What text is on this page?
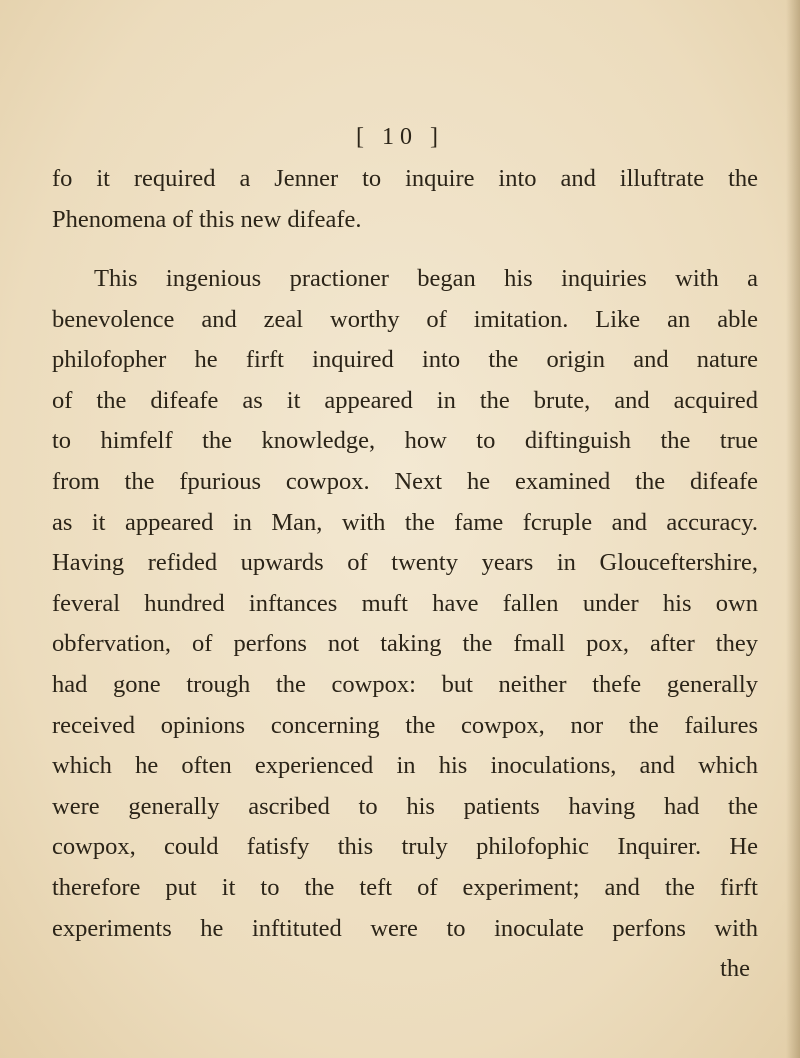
[ 10 ]
fo it required a Jenner to inquire into and illuftrate the
Phenomena of this new difeafe.
This ingenious practioner began his inquiries with a
benevolence and zeal worthy of imitation. Like an able
philofopher he firft inquired into the origin and nature
of the difeafe as it appeared in the brute, and acquired
to himfelf the knowledge, how to diftinguish the true
from the fpurious cowpox. Next he examined the difeafe
as it appeared in Man, with the fame fcruple and accuracy.
Having refided upwards of twenty years in Glouceftershire,
feveral hundred inftances muft have fallen under his own
obfervation, of perfons not taking the fmall pox, after they
had gone trough the cowpox: but neither thefe generally
received opinions concerning the cowpox, nor the failures
which he often experienced in his inoculations, and which
were generally ascribed to his patients having had the
cowpox, could fatisfy this truly philofophic Inquirer. He
therefore put it to the teft of experiment; and the firft
experiments he inftituted were to inoculate perfons with
the
